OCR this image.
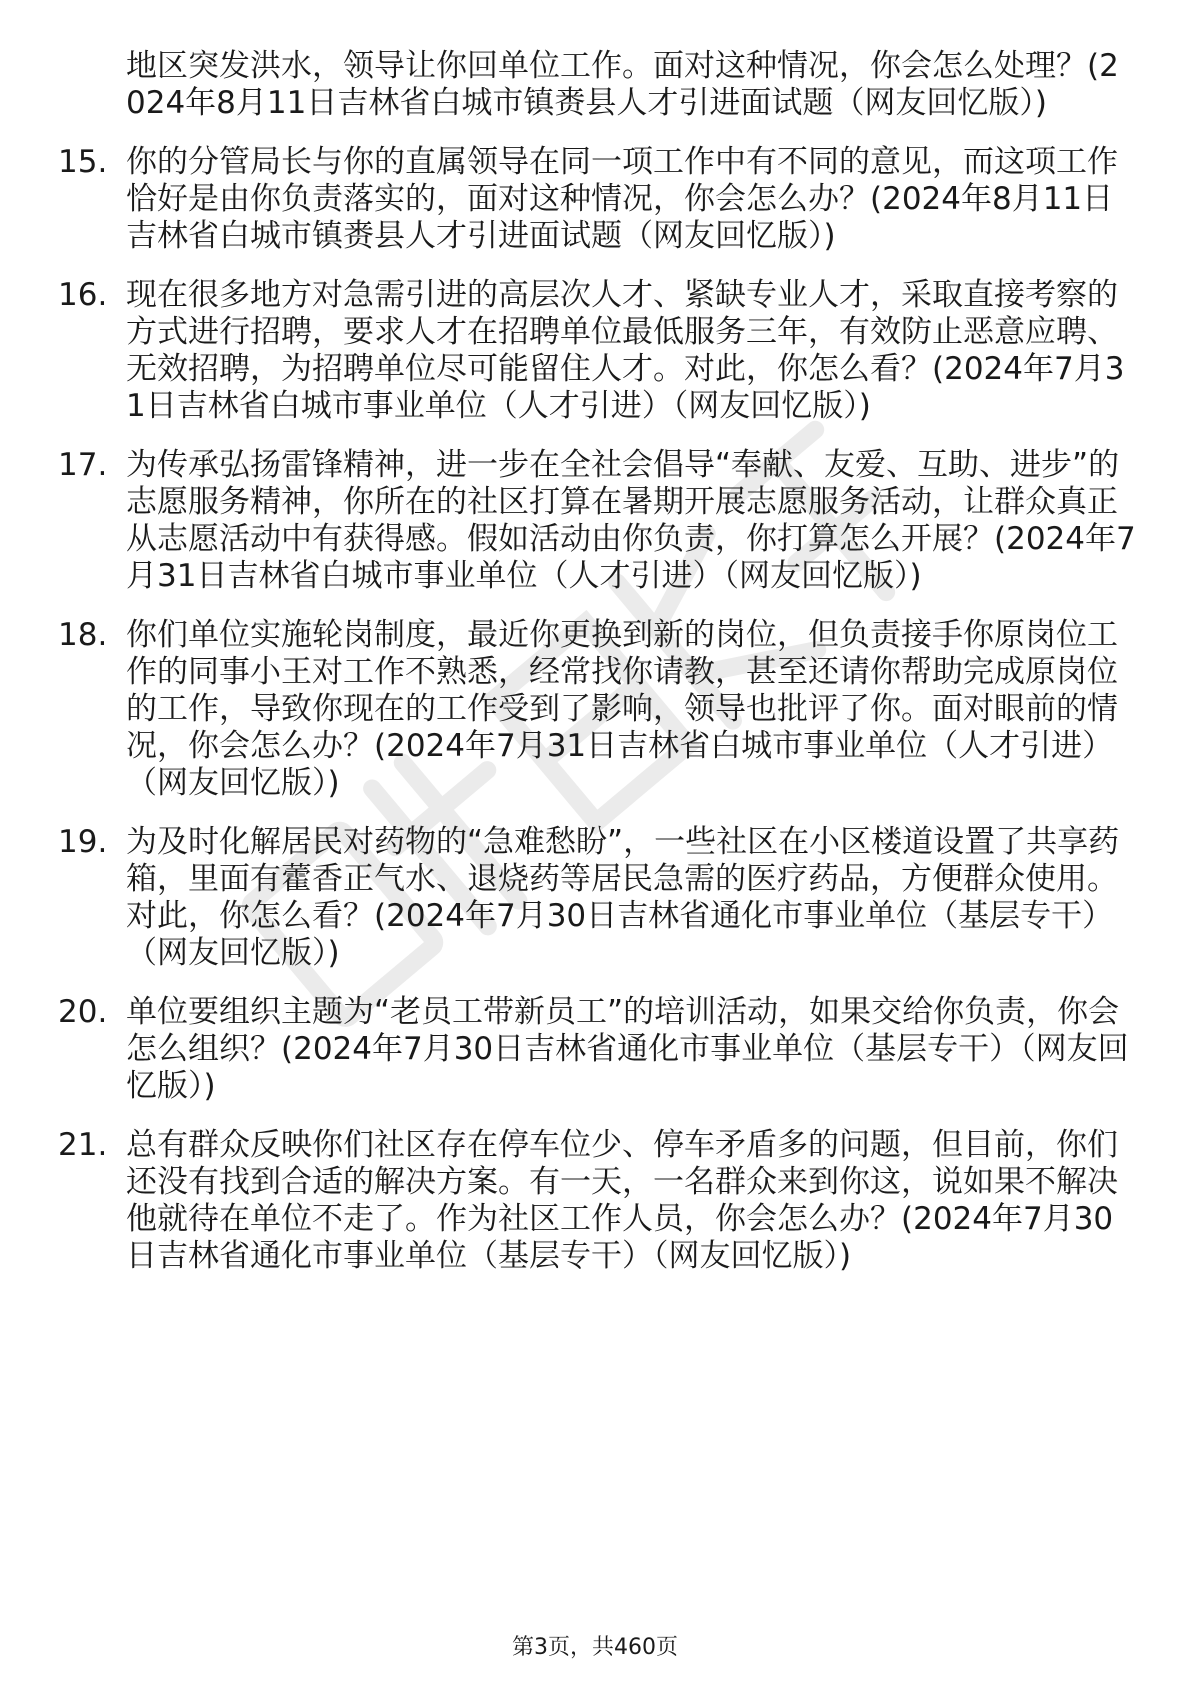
地区突发洪水，领导让你回单位工作。面对这种情况，你会怎么处理？(2024年8月11日吉林省白城市镇赉县人才引进面试题（网友回忆版）)
15. 你的分管局长与你的直属领导在同一项工作中有不同的意见，而这项工作恰好是由你负责落实的，面对这种情况，你会怎么办？(2024年8月11日吉林省白城市镇赉县人才引进面试题（网友回忆版）)
16. 现在很多地方对急需引进的高层次人才、紧缺专业人才，采取直接考察的方式进行招聘，要求人才在招聘单位最低服务三年，有效防止恶意应聘、无效招聘，为招聘单位尽可能留住人才。对此，你怎么看？(2024年7月31日吉林省白城市事业单位（人才引进）（网友回忆版）)
17. 为传承弘扬雷锋精神，进一步在全社会倡导“奉献、友爱、互助、进步”的志愿服务精神，你所在的社区打算在暑期开展志愿服务活动，让群众真正从志愿活动中有获得感。假如活动由你负责，你打算怎么开展？(2024年7月31日吉林省白城市事业单位（人才引进）（网友回忆版）)
18. 你们单位实施轮岗制度，最近你更换到新的岗位，但负责接手你原岗位工作的同事小王对工作不熟悉，经常找你请教，甚至还请你帮助完成原岗位的工作，导致你现在的工作受到了影响，领导也批评了你。面对眼前的情况，你会怎么办？(2024年7月31日吉林省白城市事业单位（人才引进）（网友回忆版）)
19. 为及时化解居民对药物的“急难愁盼”，一些社区在小区楼道设置了共享药箱，里面有藿香正气水、退烧药等居民急需的医疗药品，方便群众使用。对此，你怎么看？(2024年7月30日吉林省通化市事业单位（基层专干）（网友回忆版）)
20. 单位要组织主题为“老员工带新员工”的培训活动，如果交给你负责，你会怎么组织？(2024年7月30日吉林省通化市事业单位（基层专干）（网友回忆版）)
21. 总有群众反映你们社区存在停车位少、停车矛盾多的问题，但目前，你们还没有找到合适的解决方案。有一天，一名群众来到你这，说如果不解决他就待在单位不走了。作为社区工作人员，你会怎么办？(2024年7月30日吉林省通化市事业单位（基层专干）（网友回忆版）)
第3页，共460页
